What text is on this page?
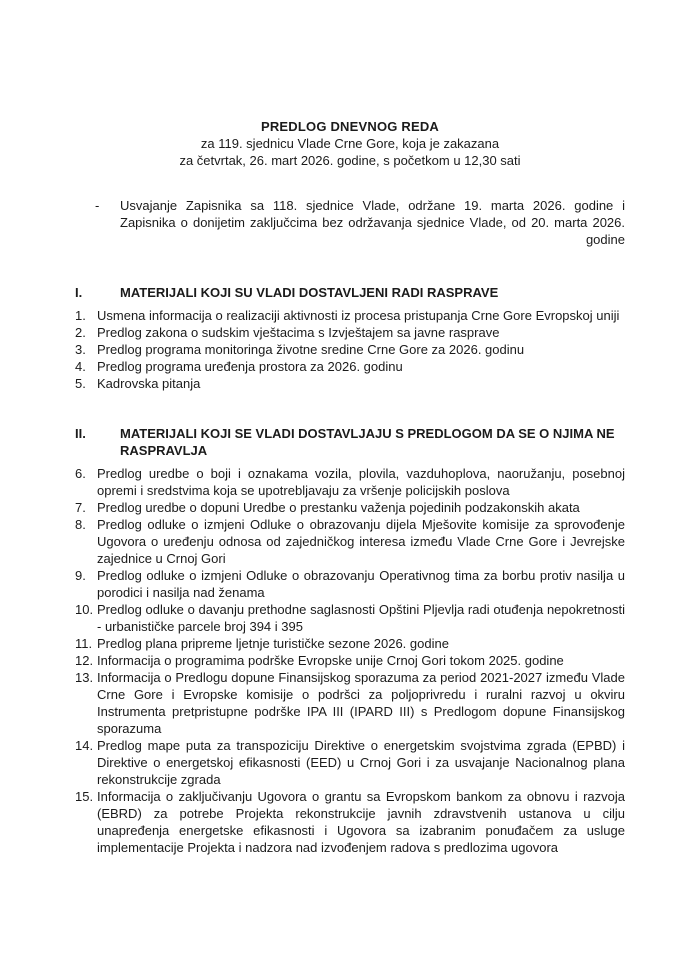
PREDLOG DNEVNOG REDA
za 119. sjednicu Vlade Crne Gore, koja je zakazana
za četvrtak, 26. mart 2026. godine, s početkom u 12,30 sati
-	Usvajanje Zapisnika sa 118. sjednice Vlade, održane 19. marta 2026. godine i Zapisnika o donijetim zaključcima bez održavanja sjednice Vlade, od 20. marta 2026. godine
I.	MATERIJALI KOJI SU VLADI DOSTAVLJENI RADI RASPRAVE
1. Usmena informacija o realizaciji aktivnosti iz procesa pristupanja Crne Gore Evropskoj uniji
2. Predlog zakona o sudskim vještacima s Izvještajem sa javne rasprave
3. Predlog programa monitoringa životne sredine Crne Gore za 2026. godinu
4. Predlog programa uređenja prostora za 2026. godinu
5. Kadrovska pitanja
II.	MATERIJALI KOJI SE VLADI DOSTAVLJAJU S PREDLOGOM DA SE O NJIMA NE RASPRAVLJA
6. Predlog uredbe o boji i oznakama vozila, plovila, vazduhoplova, naoružanju, posebnoj opremi i sredstvima koja se upotrebljavaju za vršenje policijskih poslova
7. Predlog uredbe o dopuni Uredbe o prestanku važenja pojedinih podzakonskih akata
8. Predlog odluke o izmjeni Odluke o obrazovanju dijela Mješovite komisije za sprovođenje Ugovora o uređenju odnosa od zajedničkog interesa između Vlade Crne Gore i Jevrejske zajednice u Crnoj Gori
9. Predlog odluke o izmjeni Odluke o obrazovanju Operativnog tima za borbu protiv nasilja u porodici i nasilja nad ženama
10. Predlog odluke o davanju prethodne saglasnosti Opštini Pljevlja radi otuđenja nepokretnosti - urbanističke parcele broj 394 i 395
11. Predlog plana pripreme ljetnje turističke sezone 2026. godine
12. Informacija o programima podrške Evropske unije Crnoj Gori tokom 2025. godine
13. Informacija o Predlogu dopune Finansijskog sporazuma za period 2021-2027 između Vlade Crne Gore i Evropske komisije o podršci za poljoprivredu i ruralni razvoj u okviru Instrumenta pretpristupne podrške IPA III (IPARD III) s Predlogom dopune Finansijskog sporazuma
14. Predlog mape puta za transpoziciju Direktive o energetskim svojstvima zgrada (EPBD) i Direktive o energetskoj efikasnosti (EED) u Crnoj Gori i za usvajanje Nacionalnog plana rekonstrukcije zgrada
15. Informacija o zaključivanju Ugovora o grantu sa Evropskom bankom za obnovu i razvoja (EBRD) za potrebe Projekta rekonstrukcije javnih zdravstvenih ustanova u cilju unapređenja energetske efikasnosti i Ugovora sa izabranim ponuđačem za usluge implementacije Projekta i nadzora nad izvođenjem radova s predlozima ugovora
